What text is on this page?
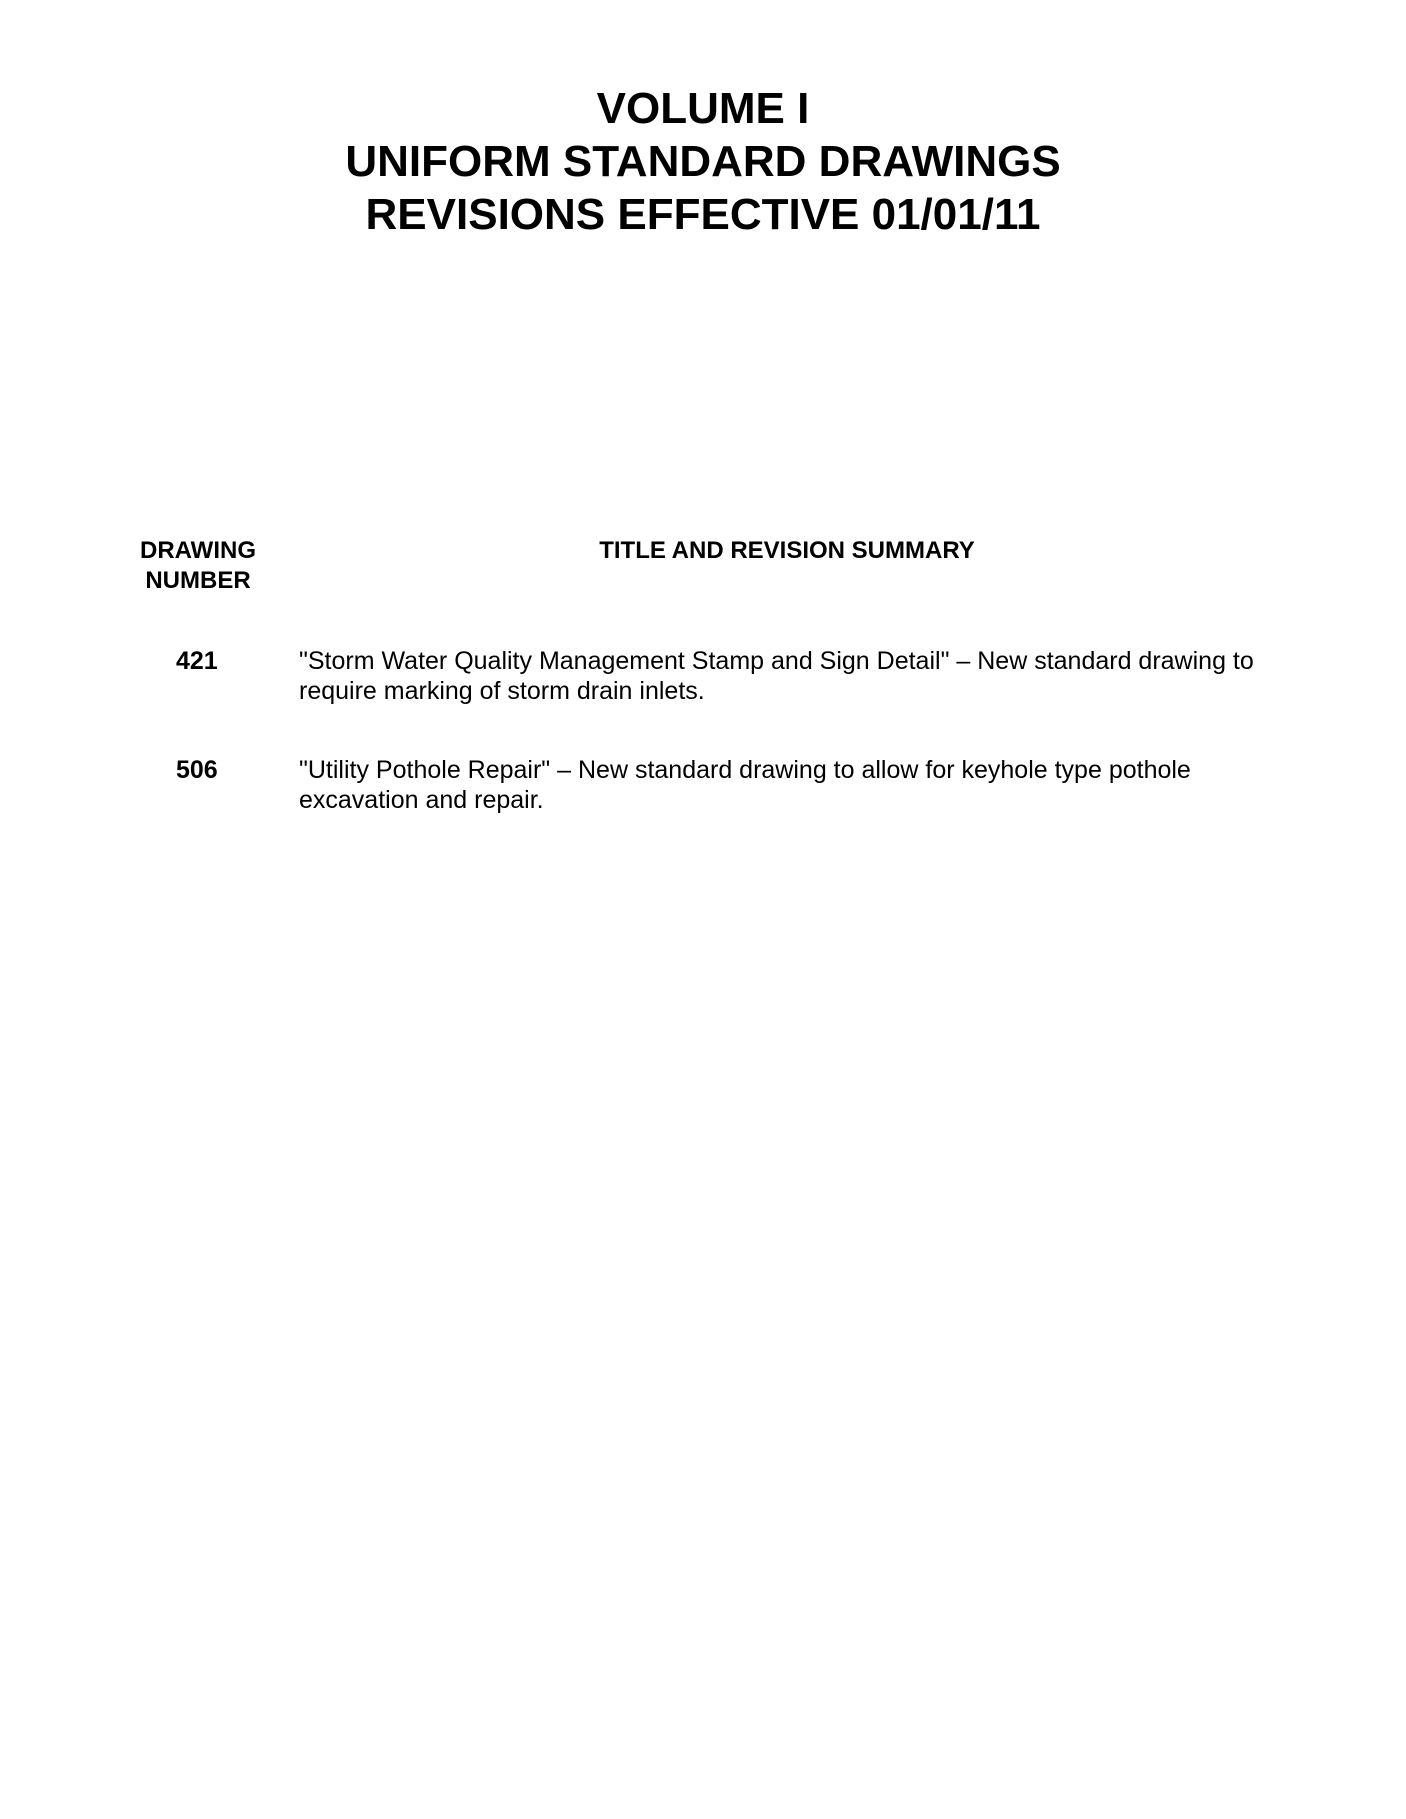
VOLUME I
UNIFORM STANDARD DRAWINGS
REVISIONS EFFECTIVE 01/01/11
DRAWING
NUMBER
TITLE AND REVISION SUMMARY
421	"Storm Water Quality Management Stamp and Sign Detail" – New standard drawing to require marking of storm drain inlets.
506	"Utility Pothole Repair" – New standard drawing to allow for keyhole type pothole excavation and repair.
